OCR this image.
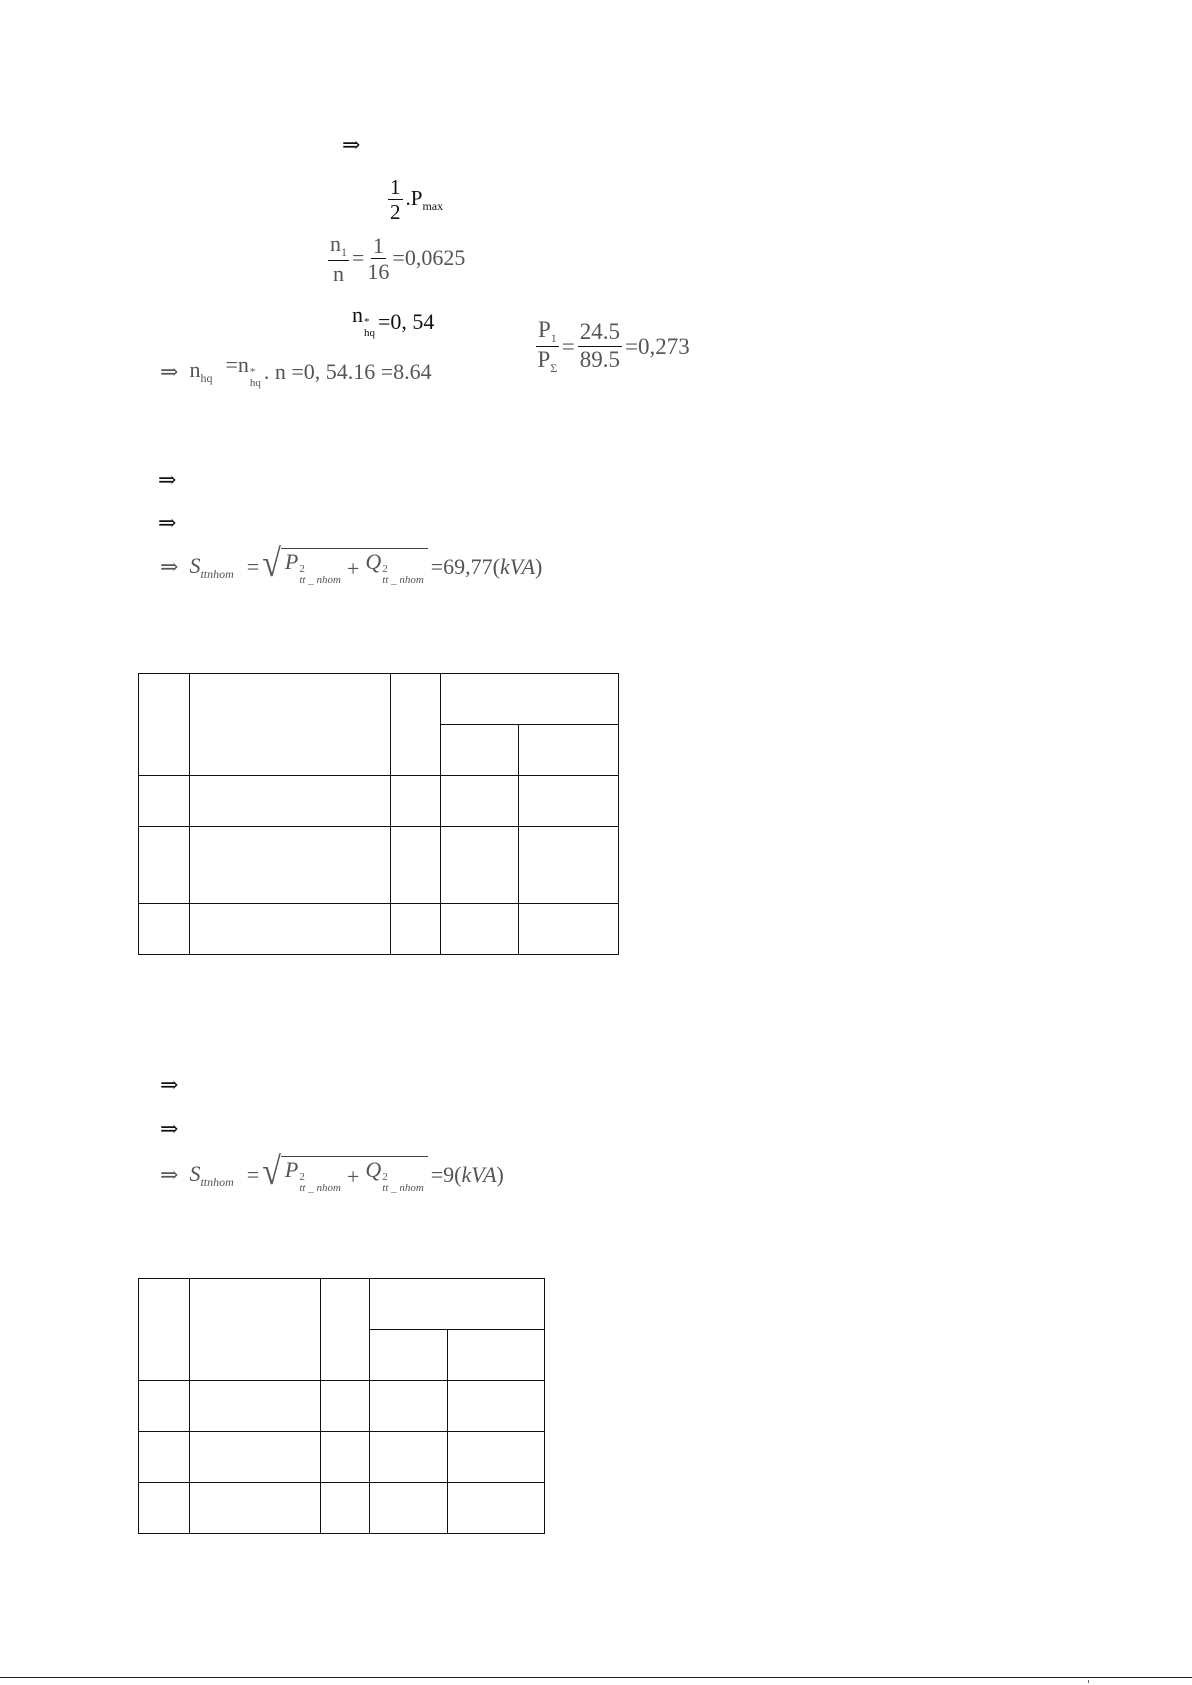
⇒
$\frac{1}{2} .P_{max}$
$\frac{n_1}{n} = \frac{1}{16} =0,0625$
n *
hq =0, 54
⇒ $n_{hq}$
=n *
hq . n =0, 54.16 =8.64	$\frac{P_1}{P_\Sigma} = \frac{24.5}{89.5} =0,273$
⇒
⇒
⇒ $S_{ttnhom}$ = √ P 2
tt _ nhom + Q 2
tt _ nhom
=69,77(kVA)

⇒
⇒
⇒ $S_{ttnhom}$ = √ P 2
tt _ nhom + Q 2
tt _ nhom
=9(kVA)
